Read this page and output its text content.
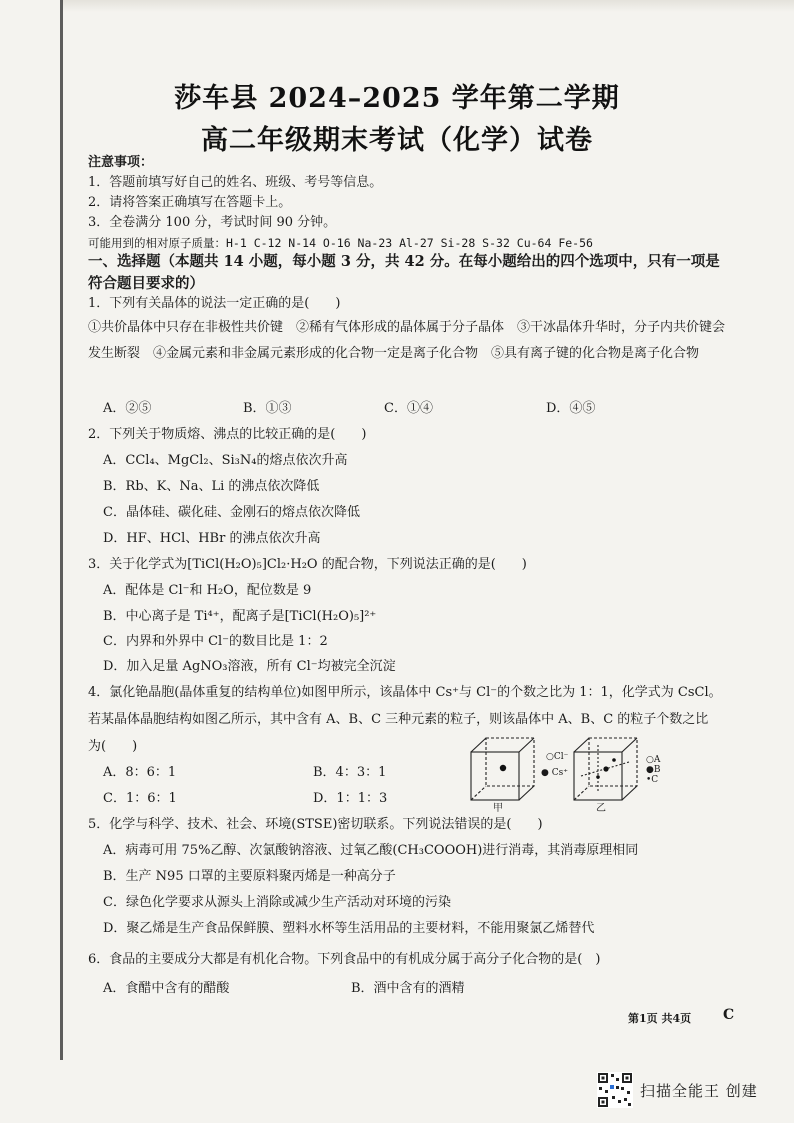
莎车县 2024–2025 学年第二学期
高二年级期末考试（化学）试卷
注意事项：
1．答题前填写好自己的姓名、班级、考号等信息。
2．请将答案正确填写在答题卡上。
3．全卷满分 100 分，考试时间 90 分钟。
可能用到的相对原子质量：H-1 C-12 N-14 O-16 Na-23 Al-27 Si-28 S-32 Cu-64 Fe-56
一、选择题（本题共 14 小题，每小题 3 分，共 42 分。在每小题给出的四个选项中，只有一项是符合题目要求的）
1．下列有关晶体的说法一定正确的是(　　)
①共价晶体中只存在非极性共价键　②稀有气体形成的晶体属于分子晶体　③干冰晶体升华时，分子内共价键会发生断裂　④金属元素和非金属元素形成的化合物一定是离子化合物　⑤具有离子键的化合物是离子化合物
A．②⑤	B．①③	C．①④	D．④⑤
2．下列关于物质熔、沸点的比较正确的是(　　)
A．CCl₄、MgCl₂、Si₃N₄的熔点依次升高
B．Rb、K、Na、Li 的沸点依次降低
C．晶体硅、碳化硅、金刚石的熔点依次降低
D．HF、HCl、HBr 的沸点依次升高
3．关于化学式为[TiCl(H₂O)₅]Cl₂·H₂O 的配合物，下列说法正确的是(　　)
A．配体是 Cl⁻和 H₂O，配位数是 9
B．中心离子是 Ti⁴⁺，配离子是[TiCl(H₂O)₅]²⁺
C．内界和外界中 Cl⁻的数目比是 1：2
D．加入足量 AgNO₃溶液，所有 Cl⁻均被完全沉淀
4．氯化铯晶胞(晶体重复的结构单位)如图甲所示，该晶体中 Cs⁺与 Cl⁻的个数之比为 1：1，化学式为 CsCl。
若某晶体晶胞结构如图乙所示，其中含有 A、B、C 三种元素的粒子，则该晶体中 A、B、C 的粒子个数之比
为(　　)
A．8：6：1	B．4：3：1
C．1：6：1	D．1：1：3
○Cl⁻
● Cs⁺
○A
●B
•C
甲	乙
5．化学与科学、技术、社会、环境(STSE)密切联系。下列说法错误的是(　　)
A．病毒可用 75%乙醇、次氯酸钠溶液、过氧乙酸(CH₃COOOH)进行消毒，其消毒原理相同
B．生产 N95 口罩的主要原料聚丙烯是一种高分子
C．绿色化学要求从源头上消除或减少生产活动对环境的污染
D．聚乙烯是生产食品保鲜膜、塑料水杯等生活用品的主要材料，不能用聚氯乙烯替代
6．食品的主要成分大都是有机化合物。下列食品中的有机成分属于高分子化合物的是(　)
A．食醋中含有的醋酸	B．酒中含有的酒精
第1页 共4页 C
扫描全能王 创建
